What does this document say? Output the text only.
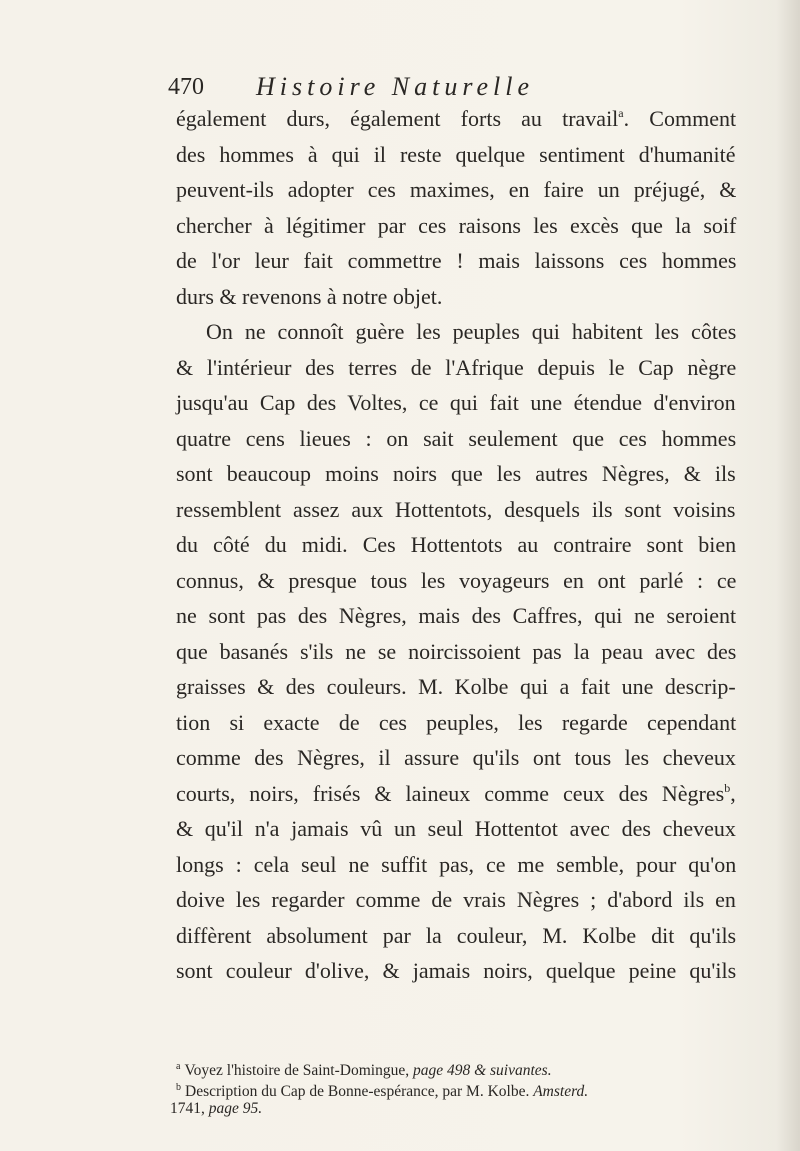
470 Histoire Naturelle
également durs, également forts au travail$^a$. Comment
des hommes à qui il reste quelque sentiment d'humanité
peuvent-ils adopter ces maximes, en faire un préjugé, &
chercher à légitimer par ces raisons les excès que la soif
de l'or leur fait commettre ! mais laissons ces hommes
durs & revenons à notre objet.
On ne connoît guère les peuples qui habitent les côtes
& l'intérieur des terres de l'Afrique depuis le Cap nègre
jusqu'au Cap des Voltes, ce qui fait une étendue d'environ
quatre cens lieues : on sait seulement que ces hommes
sont beaucoup moins noirs que les autres Nègres, & ils
ressemblent assez aux Hottentots, desquels ils sont voisins
du côté du midi. Ces Hottentots au contraire sont bien
connus, & presque tous les voyageurs en ont parlé : ce
ne sont pas des Nègres, mais des Caffres, qui ne seroient
que basanés s'ils ne se noircissoient pas la peau avec des
graisses & des couleurs. M. Kolbe qui a fait une descrip-
tion si exacte de ces peuples, les regarde cependant
comme des Nègres, il assure qu'ils ont tous les cheveux
courts, noirs, frisés & laineux comme ceux des Nègres$^b$,
& qu'il n'a jamais vû un seul Hottentot avec des cheveux
longs : cela seul ne suffit pas, ce me semble, pour qu'on
doive les regarder comme de vrais Nègres ; d'abord ils en
diffèrent absolument par la couleur, M. Kolbe dit qu'ils
sont couleur d'olive, & jamais noirs, quelque peine qu'ils
$^a$ Voyez l'histoire de Saint-Domingue, page 498 & suivantes.
$^b$ Description du Cap de Bonne-espérance, par M. Kolbe. Amsterd.
1741, page 95.
